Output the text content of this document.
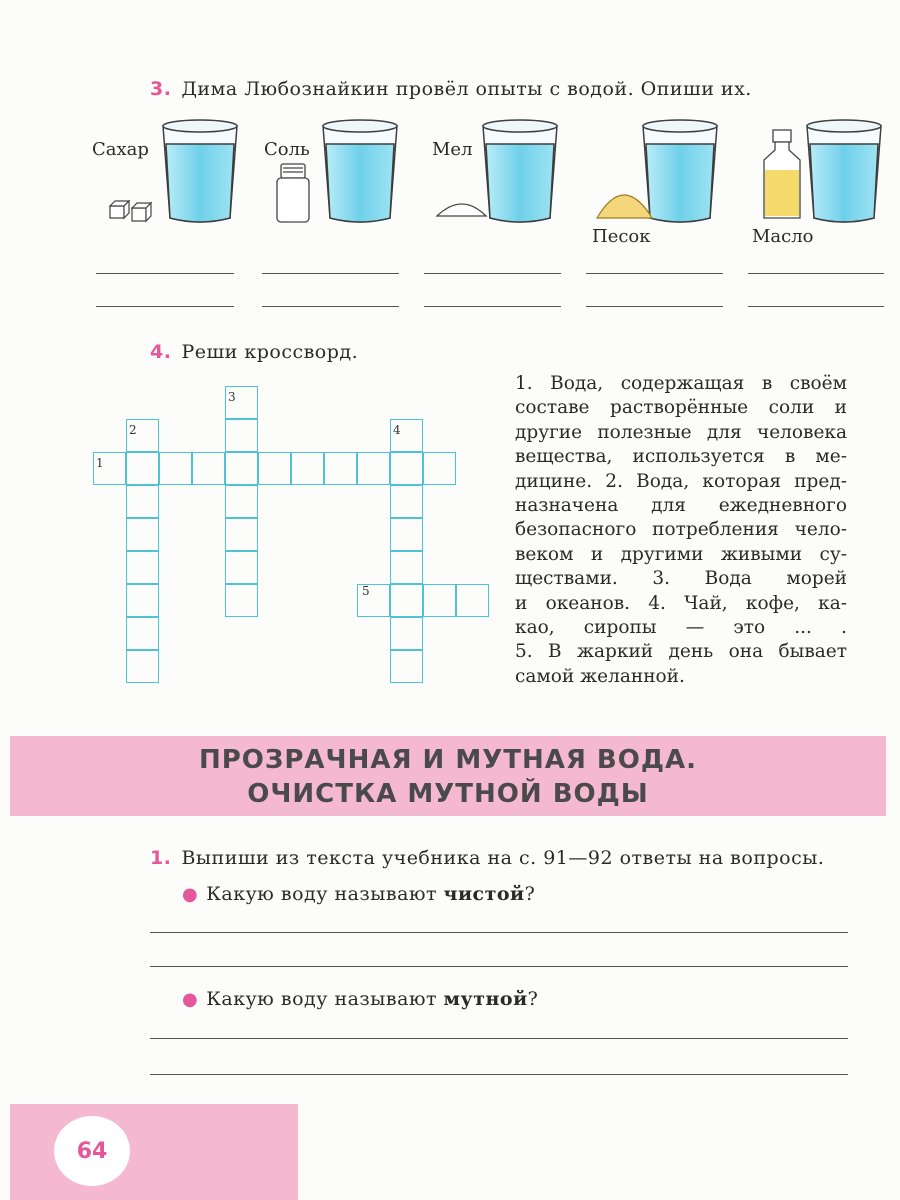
3. Дима Любознайкин провёл опыты с водой. Опиши их.
Сахар	Соль	Мел
Песок	Масло
4. Реши кроссворд.
1
2
3
4
5
1. Вода, содержащая в своём
составе растворённые соли и
другие полезные для человека
вещества, используется в ме-
дицине. 2. Вода, которая пред-
назначена для ежедневного
безопасного потребления чело-
веком и другими живыми су-
ществами. 3. Вода морей
и океанов. 4. Чай, кофе, ка-
као, сиропы — это ... .
5. В жаркий день она бывает
самой желанной.
ПРОЗРАЧНАЯ И МУТНАЯ ВОДА.
ОЧИСТКА МУТНОЙ ВОДЫ
1. Выпиши из текста учебника на с. 91—92 ответы на вопросы.
● Какую воду называют чистой?
● Какую воду называют мутной?
64
